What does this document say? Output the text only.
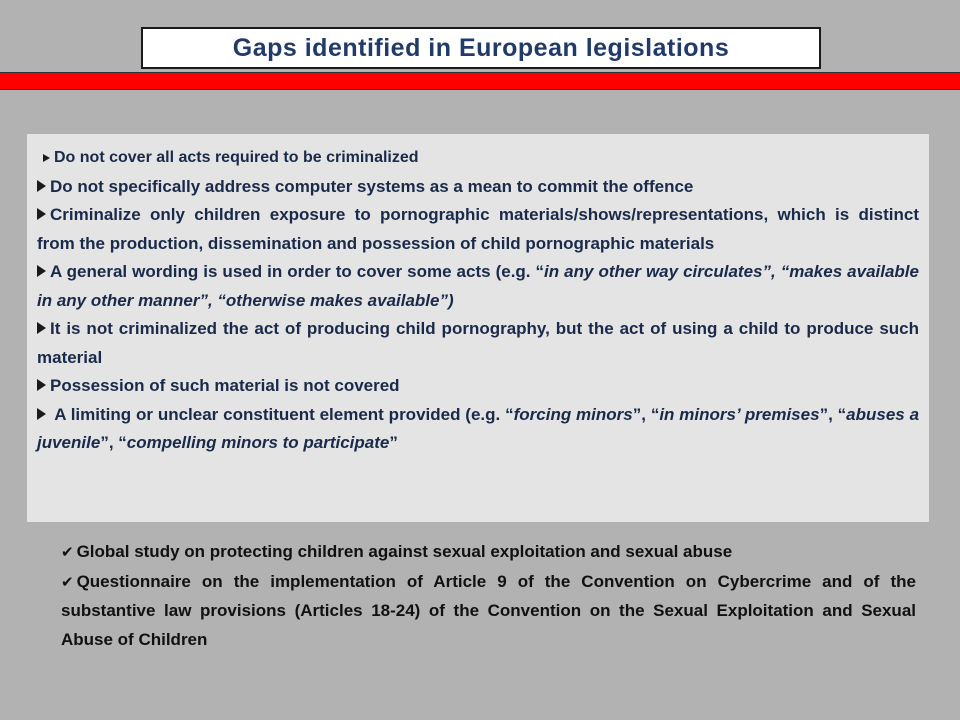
Gaps identified in European legislations
Do not cover all acts required to be criminalized
Do not specifically address computer systems as a mean to commit the offence
Criminalize only children exposure to pornographic materials/shows/representations, which is distinct from the production, dissemination and possession of child pornographic materials
A general wording is used in order to cover some acts (e.g. “in any other way circulates”, “makes available in any other manner”, “otherwise makes available”)
It is not criminalized the act of producing child pornography, but the act of using a child to produce such material
Possession of such material is not covered
A limiting or unclear constituent element provided (e.g. “forcing minors”, “in minors’ premises”, “abuses a juvenile”, “compelling minors to participate”
✔ Global study on protecting children against sexual exploitation and sexual abuse
✔ Questionnaire on the implementation of Article 9 of the Convention on Cybercrime and of the substantive law provisions (Articles 18-24) of the Convention on the Sexual Exploitation and Sexual Abuse of Children
